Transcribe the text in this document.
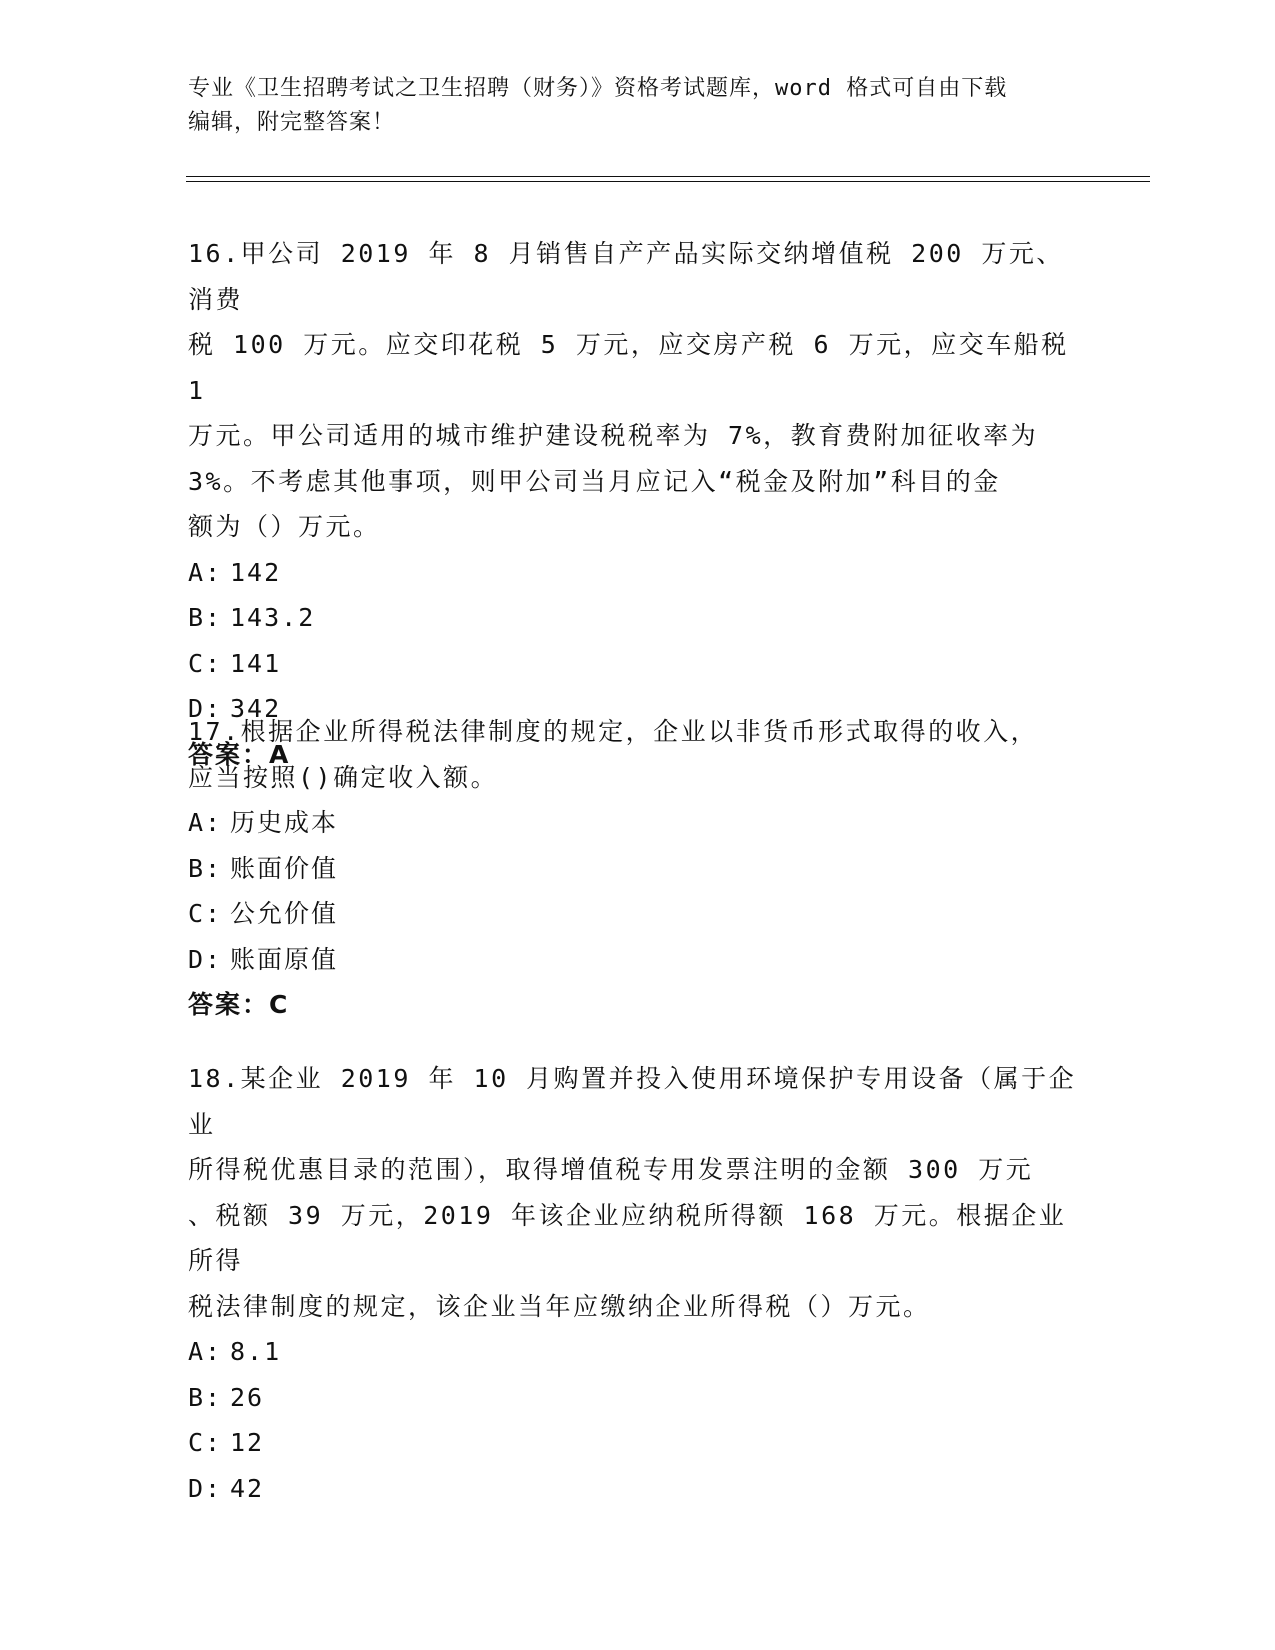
专业《卫生招聘考试之卫生招聘（财务）》资格考试题库，word 格式可自由下载
编辑，附完整答案！

16.甲公司 2019 年 8 月销售自产产品实际交纳增值税 200 万元、消费

税 100 万元。应交印花税 5 万元，应交房产税 6 万元，应交车船税 1

万元。甲公司适用的城市维护建设税税率为 7%，教育费附加征收率为

3%。不考虑其他事项，则甲公司当月应记入“税金及附加”科目的金

额为（）万元。

A: 142

B: 143.2

C: 141

D: 342

答案：A

17.根据企业所得税法律制度的规定，企业以非货币形式取得的收入，

应当按照()确定收入额。

A: 历史成本

B: 账面价值

C: 公允价值

D: 账面原值

答案：C

18.某企业 2019 年 10 月购置并投入使用环境保护专用设备（属于企业

所得税优惠目录的范围），取得增值税专用发票注明的金额 300 万元

、税额 39 万元，2019 年该企业应纳税所得额 168 万元。根据企业所得

税法律制度的规定，该企业当年应缴纳企业所得税（）万元。

A: 8.1

B: 26

C: 12

D: 42
